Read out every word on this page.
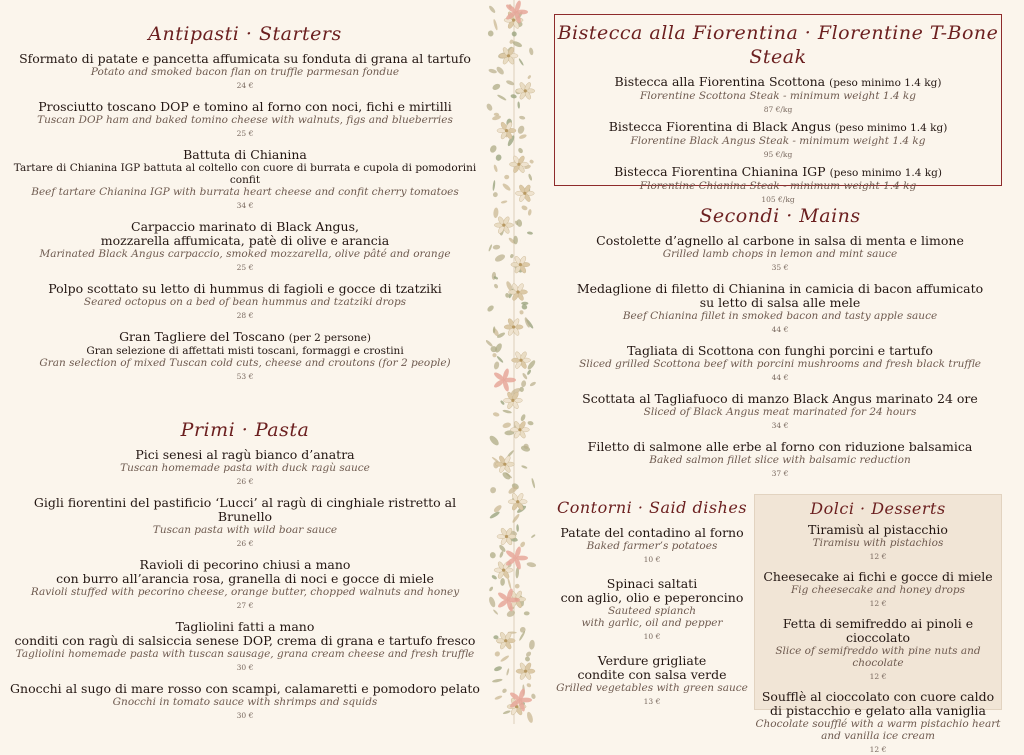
Antipasti · Starters
Sformato di patate e pancetta affumicata su fonduta di grana al tartufo
Potato and smoked bacon flan on truffle parmesan fondue
24 €
Prosciutto toscano DOP e tomino al forno con noci, fichi e mirtilli
Tuscan DOP ham and baked tomino cheese with walnuts, figs and blueberries
25 €
Battuta di Chianina
Tartare di Chianina IGP battuta al coltello con cuore di burrata e cupola di pomodorini confit
Beef tartare Chianina IGP with burrata heart cheese and confit cherry tomatoes
34 €
Carpaccio marinato di Black Angus,
mozzarella affumicata, patè di olive e arancia
Marinated Black Angus carpaccio, smoked mozzarella, olive pâté and orange
25 €
Polpo scottato su letto di hummus di fagioli e gocce di tzatziki
Seared octopus on a bed of bean hummus and tzatziki drops
28 €
Gran Tagliere del Toscano (per 2 persone)
Gran selezione di affettati misti toscani, formaggi e crostini
Gran selection of mixed Tuscan cold cuts, cheese and croutons (for 2 people)
53 €
Primi · Pasta
Pici senesi al ragù bianco d’anatra
Tuscan homemade pasta with duck ragù sauce
26 €
Gigli fiorentini del pastificio ‘Lucci’ al ragù di cinghiale ristretto al Brunello
Tuscan pasta with wild boar sauce
26 €
Ravioli di pecorino chiusi a mano
con burro all’arancia rosa, granella di noci e gocce di miele
Ravioli stuffed with pecorino cheese, orange butter, chopped walnuts and honey
27 €
Tagliolini fatti a mano
conditi con ragù di salsiccia senese DOP, crema di grana e tartufo fresco
Tagliolini homemade pasta with tuscan sausage, grana cream cheese and fresh truffle
30 €
Gnocchi al sugo di mare rosso con scampi, calamaretti e pomodoro pelato
Gnocchi in tomato sauce with shrimps and squids
30 €
Bistecca alla Fiorentina · Florentine T-Bone Steak
Bistecca alla Fiorentina Scottona (peso minimo 1.4 kg)
Florentine Scottona Steak - minimum weight 1.4 kg
87 €/kg
Bistecca Fiorentina di Black Angus (peso minimo 1.4 kg)
Florentine Black Angus Steak - minimum weight 1.4 kg
95 €/kg
Bistecca Fiorentina Chianina IGP (peso minimo 1.4 kg)
Florentine Chianina Steak - minimum weight 1.4 kg
105 €/kg
Secondi · Mains
Costolette d’agnello al carbone in salsa di menta e limone
Grilled lamb chops in lemon and mint sauce
35 €
Medaglione di filetto di Chianina in camicia di bacon affumicato
su letto di salsa alle mele
Beef Chianina fillet in smoked bacon and tasty apple sauce
44 €
Tagliata di Scottona con funghi porcini e tartufo
Sliced grilled Scottona beef with porcini mushrooms and fresh black truffle
44 €
Scottata al Tagliafuoco di manzo Black Angus marinato 24 ore
Sliced of Black Angus meat marinated for 24 hours
34 €
Filetto di salmone alle erbe al forno con riduzione balsamica
Baked salmon fillet slice with balsamic reduction
37 €
Contorni · Said dishes
Patate del contadino al forno
Baked farmer’s potatoes
10 €
Spinaci saltati
con aglio, olio e peperoncino
Sauteed spianch
with garlic, oil and pepper
10 €
Verdure grigliate
condite con salsa verde
Grilled vegetables with green sauce
13 €
Dolci · Desserts
Tiramisù al pistacchio
Tiramisu with pistachios
12 €
Cheesecake ai fichi e gocce di miele
Fig cheesecake and honey drops
12 €
Fetta di semifreddo ai pinoli e cioccolato
Slice of semifreddo with pine nuts and chocolate
12 €
Soufflè al cioccolato con cuore caldo
di pistacchio e gelato alla vaniglia
Chocolate soufflé with a warm pistachio heart
and vanilla ice cream
12 €
